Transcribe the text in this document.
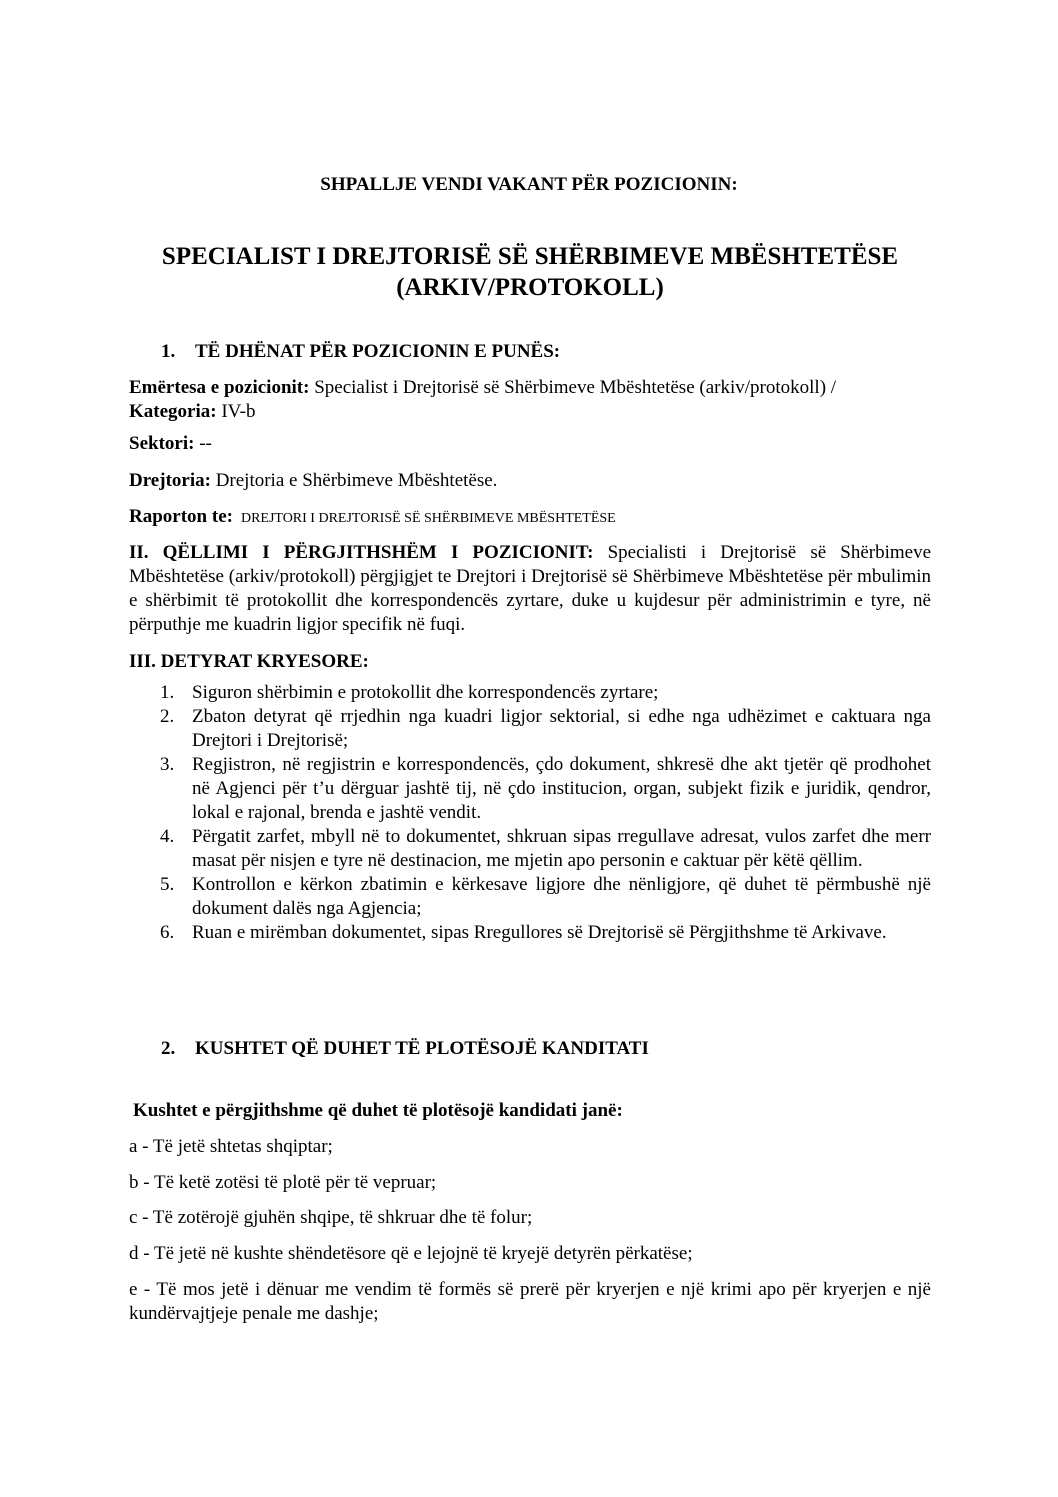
SHPALLJE VENDI VAKANT PËR POZICIONIN:
SPECIALIST I DREJTORISË SË SHËRBIMEVE MBËSHTETËSE
(ARKIV/PROTOKOLL)
1. TË DHËNAT PËR POZICIONIN E PUNËS:
Emërtesa e pozicionit: Specialist i Drejtorisë së Shërbimeve Mbështetëse (arkiv/protokoll) /
Kategoria: IV-b
Sektori: --
Drejtoria: Drejtoria e Shërbimeve Mbështetëse.
Raporton te: DREJTORI I DREJTORISË SË SHËRBIMEVE MBËSHTETËSE
II. QËLLIMI I PËRGJITHSHËM I POZICIONIT: Specialisti i Drejtorisë së Shërbimeve Mbështetëse (arkiv/protokoll) përgjigjet te Drejtori i Drejtorisë së Shërbimeve Mbështetëse për mbulimin e shërbimit të protokollit dhe korrespondencës zyrtare, duke u kujdesur për administrimin e tyre, në përputhje me kuadrin ligjor specifik në fuqi.
III. DETYRAT KRYESORE:
1. Siguron shërbimin e protokollit dhe korrespondencës zyrtare;
2. Zbaton detyrat që rrjedhin nga kuadri ligjor sektorial, si edhe nga udhëzimet e caktuara nga Drejtori i Drejtorisë;
3. Regjistron, në regjistrin e korrespondencës, çdo dokument, shkresë dhe akt tjetër që prodhohet në Agjenci për t’u dërguar jashtë tij, në çdo institucion, organ, subjekt fizik e juridik, qendror, lokal e rajonal, brenda e jashtë vendit.
4. Përgatit zarfet, mbyll në to dokumentet, shkruan sipas rregullave adresat, vulos zarfet dhe merr masat për nisjen e tyre në destinacion, me mjetin apo personin e caktuar për këtë qëllim.
5. Kontrollon e kërkon zbatimin e kërkesave ligjore dhe nënligjore, që duhet të përmbushë një dokument dalës nga Agjencia;
6. Ruan e mirëmban dokumentet, sipas Rregullores së Drejtorisë së Përgjithshme të Arkivave.
2. KUSHTET QË DUHET TË PLOTËSOJË KANDITATI
Kushtet e përgjithshme që duhet të plotësojë kandidati janë:
a - Të jetë shtetas shqiptar;
b - Të ketë zotësi të plotë për të vepruar;
c - Të zotërojë gjuhën shqipe, të shkruar dhe të folur;
d - Të jetë në kushte shëndetësore që e lejojnë të kryejë detyrën përkatëse;
e - Të mos jetë i dënuar me vendim të formës së prerë për kryerjen e një krimi apo për kryerjen e një kundërvajtjeje penale me dashje;
